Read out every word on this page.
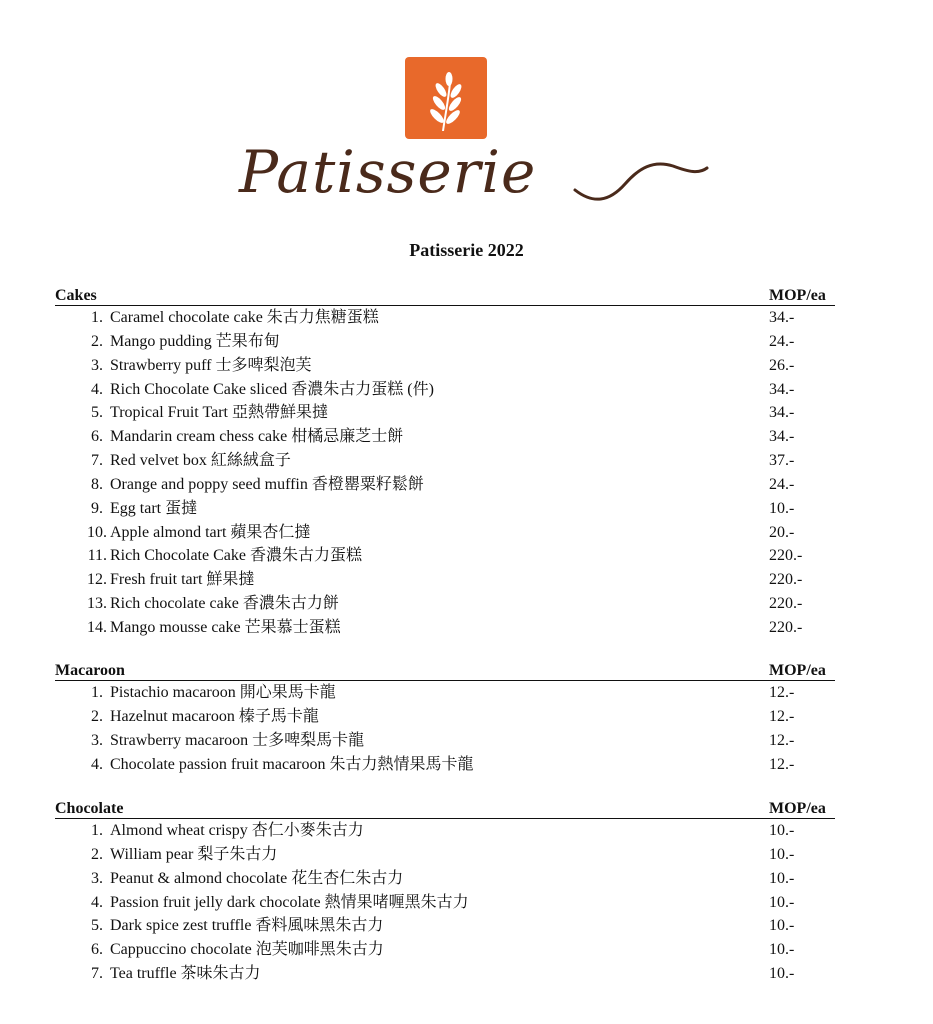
Patisserie
Patisserie 2022
Cakes	MOP/ea
1. Caramel chocolate cake 朱古力焦糖蛋糕	34.-
2. Mango pudding 芒果布甸	24.-
3. Strawberry puff 士多啤梨泡芙	26.-
4. Rich Chocolate Cake sliced 香濃朱古力蛋糕 (件)	34.-
5. Tropical Fruit Tart 亞熱帶鮮果撻	34.-
6. Mandarin cream chess cake 柑橘忌廉芝士餅	34.-
7. Red velvet box 紅絲絨盒子	37.-
8. Orange and poppy seed muffin 香橙罌粟籽鬆餅	24.-
9. Egg tart 蛋撻	10.-
10. Apple almond tart 蘋果杏仁撻	20.-
11. Rich Chocolate Cake 香濃朱古力蛋糕	220.-
12. Fresh fruit tart 鮮果撻	220.-
13. Rich chocolate cake 香濃朱古力餅	220.-
14. Mango mousse cake 芒果慕士蛋糕	220.-
Macaroon	MOP/ea
1. Pistachio macaroon 開心果馬卡龍	12.-
2. Hazelnut macaroon 榛子馬卡龍	12.-
3. Strawberry macaroon 士多啤梨馬卡龍	12.-
4. Chocolate passion fruit macaroon 朱古力熱情果馬卡龍	12.-
Chocolate	MOP/ea
1. Almond wheat crispy 杏仁小麥朱古力	10.-
2. William pear 梨子朱古力	10.-
3. Peanut & almond chocolate 花生杏仁朱古力	10.-
4. Passion fruit jelly dark chocolate 熱情果啫喱黑朱古力	10.-
5. Dark spice zest truffle 香料風味黑朱古力	10.-
6. Cappuccino chocolate 泡芙咖啡黑朱古力	10.-
7. Tea truffle 茶味朱古力	10.-
